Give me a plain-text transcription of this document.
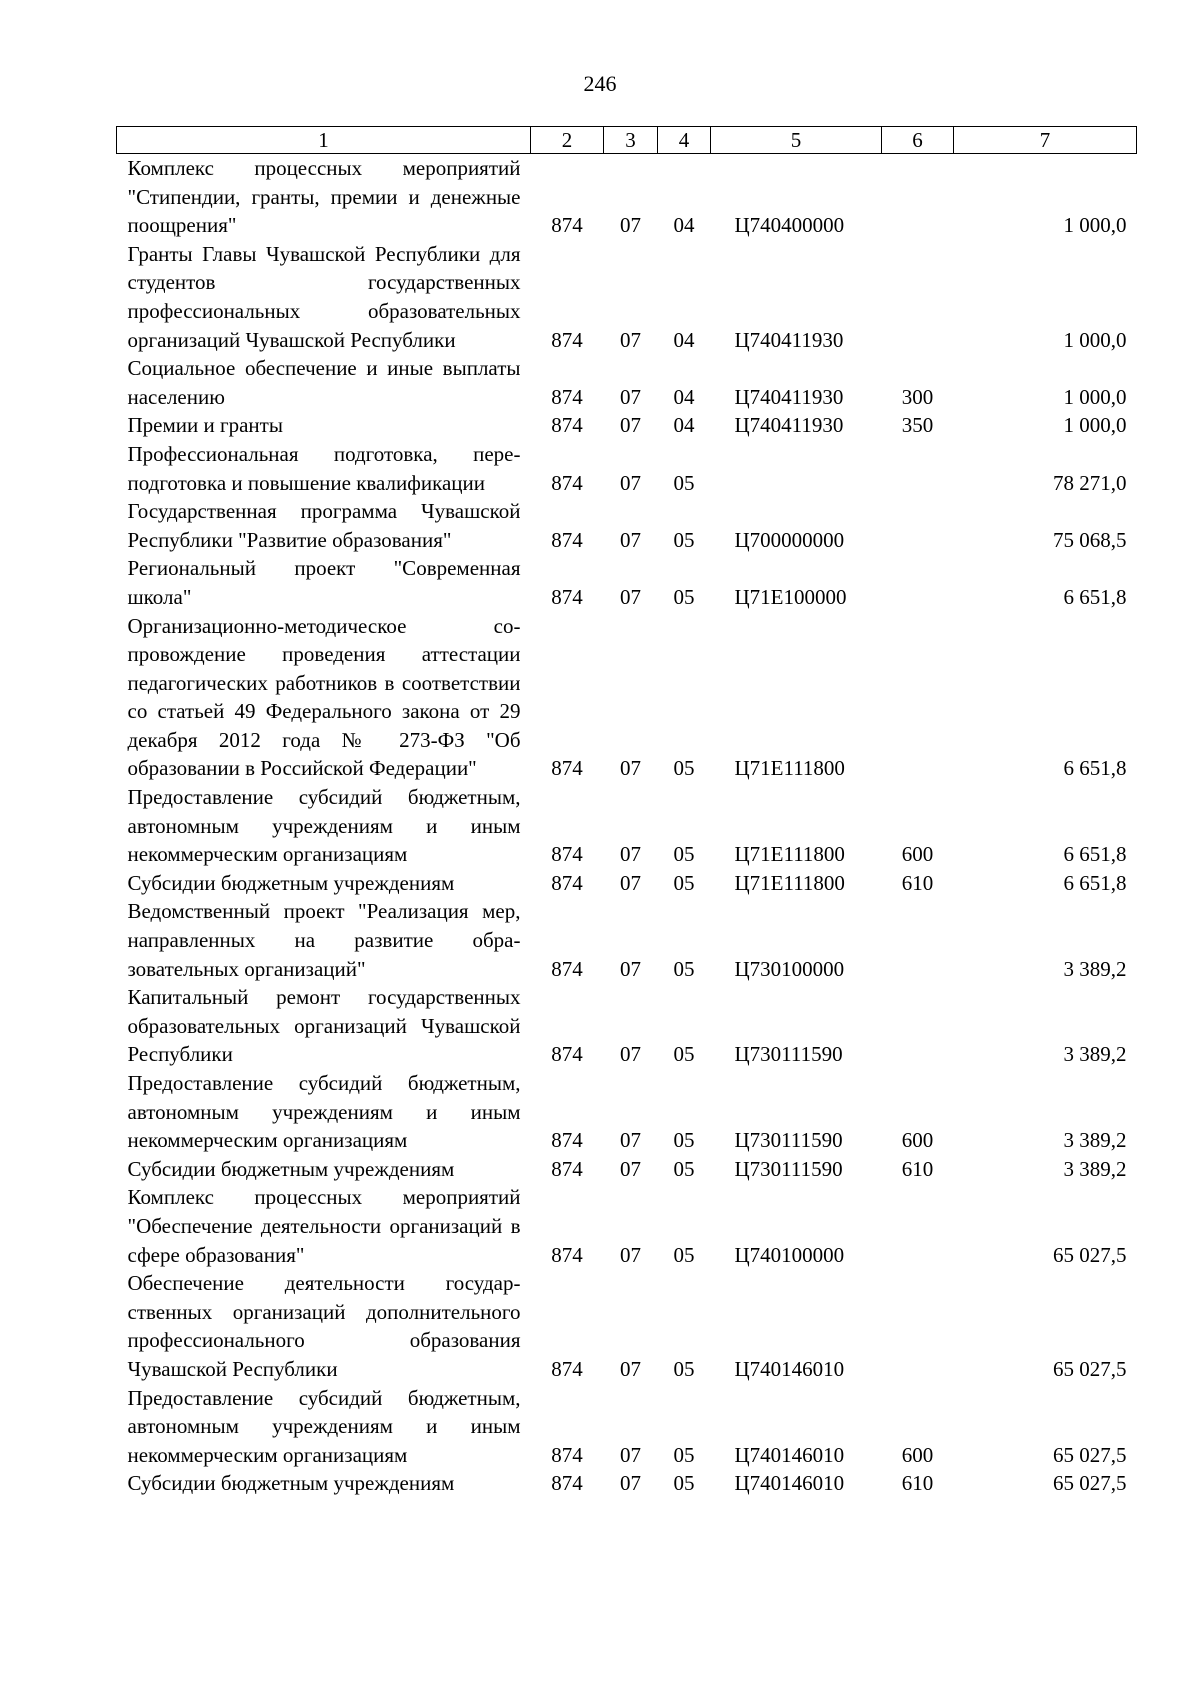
246
1	2	3	4	5	6	7
Комплекс процессных мероприятий "Стипендии, гранты, премии и денежные поощрения"	874	07	04	Ц740400000		1 000,0
Гранты Главы Чувашской Республики для студентов государственных профессиональных образовательных организаций Чувашской Республики	874	07	04	Ц740411930		1 000,0
Социальное обеспечение и иные выплаты населению	874	07	04	Ц740411930	300	1 000,0
Премии и гранты	874	07	04	Ц740411930	350	1 000,0
Профессиональная подготовка, переподготовка и повышение квалификации	874	07	05			78 271,0
Государственная программа Чувашской Республики "Развитие образования"	874	07	05	Ц700000000		75 068,5
Региональный проект "Современная школа"	874	07	05	Ц71Е100000		6 651,8
Организационно-методическое сопровождение проведения аттестации педагогических работников в соответствии со статьей 49 Федерального закона от 29 декабря 2012 года № 273-ФЗ "Об образовании в Российской Федерации"	874	07	05	Ц71Е111800		6 651,8
Предоставление субсидий бюджетным, автономным учреждениям и иным некоммерческим организациям	874	07	05	Ц71Е111800	600	6 651,8
Субсидии бюджетным учреждениям	874	07	05	Ц71Е111800	610	6 651,8
Ведомственный проект "Реализация мер, направленных на развитие образовательных организаций"	874	07	05	Ц730100000		3 389,2
Капитальный ремонт государственных образовательных организаций Чувашской Республики	874	07	05	Ц730111590		3 389,2
Предоставление субсидий бюджетным, автономным учреждениям и иным некоммерческим организациям	874	07	05	Ц730111590	600	3 389,2
Субсидии бюджетным учреждениям	874	07	05	Ц730111590	610	3 389,2
Комплекс процессных мероприятий "Обеспечение деятельности организаций в сфере образования"	874	07	05	Ц740100000		65 027,5
Обеспечение деятельности государственных организаций дополнительного профессионального образования Чувашской Республики	874	07	05	Ц740146010		65 027,5
Предоставление субсидий бюджетным, автономным учреждениям и иным некоммерческим организациям	874	07	05	Ц740146010	600	65 027,5
Субсидии бюджетным учреждениям	874	07	05	Ц740146010	610	65 027,5
